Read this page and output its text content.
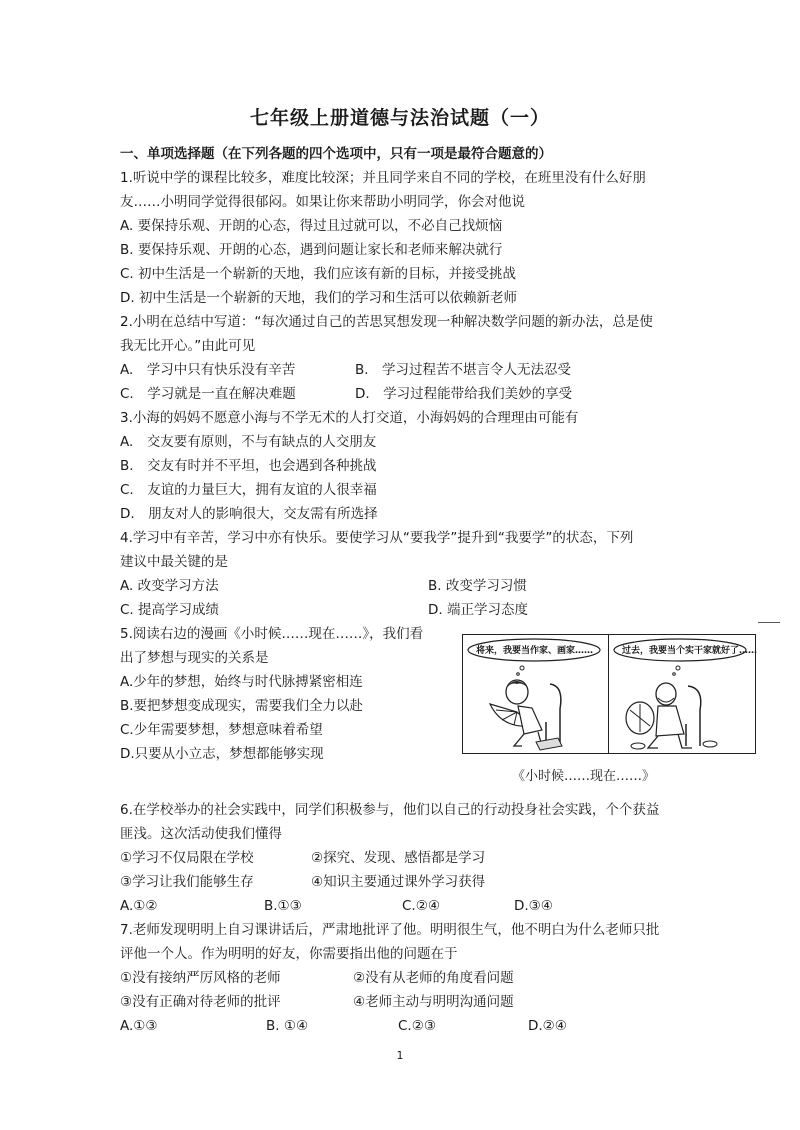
七年级上册道德与法治试题（一）
一、单项选择题（在下列各题的四个选项中，只有一项是最符合题意的）
1.听说中学的课程比较多，难度比较深；并且同学来自不同的学校，在班里没有什么好朋
友……小明同学觉得很郁闷。如果让你来帮助小明同学，你会对他说
A. 要保持乐观、开朗的心态，得过且过就可以，不必自己找烦恼
B. 要保持乐观、开朗的心态，遇到问题让家长和老师来解决就行
C. 初中生活是一个崭新的天地，我们应该有新的目标，并接受挑战
D. 初中生活是一个崭新的天地，我们的学习和生活可以依赖新老师
2.小明在总结中写道：“每次通过自己的苦思冥想发现一种解决数学问题的新办法，总是使
我无比开心。”由此可见
A.　学习中只有快乐没有辛苦	B.　学习过程苦不堪言令人无法忍受
C.　学习就是一直在解决难题	D.　学习过程能带给我们美妙的享受
3.小海的妈妈不愿意小海与不学无术的人打交道，小海妈妈的合理理由可能有
A.　交友要有原则，不与有缺点的人交朋友
B.　交友有时并不平坦，也会遇到各种挑战
C.　友谊的力量巨大，拥有友谊的人很幸福
D.　朋友对人的影响很大，交友需有所选择
4.学习中有辛苦，学习中亦有快乐。要使学习从“要我学”提升到“我要学”的状态，下列
建议中最关键的是
A. 改变学习方法	B. 改变学习习惯
C. 提高学习成绩	D. 端正学习态度
5.阅读右边的漫画《小时候……现在……》，我们看
出了梦想与现实的关系是
A.少年的梦想，始终与时代脉搏紧密相连
B.要把梦想变成现实，需要我们全力以赴
C.少年需要梦想，梦想意味着希望
D.只要从小立志，梦想都能够实现
将来，我要当作家、画家……	过去，我要当个实干家就好了……
《小时候……现在……》
6.在学校举办的社会实践中，同学们积极参与，他们以自己的行动投身社会实践，个个获益
匪浅。这次活动使我们懂得
①学习不仅局限在学校	②探究、发现、感悟都是学习
③学习让我们能够生存	④知识主要通过课外学习获得
A.①②	B.①③	C.②④	D.③④
7.老师发现明明上自习课讲话后，严肃地批评了他。明明很生气，他不明白为什么老师只批
评他一个人。作为明明的好友，你需要指出他的问题在于
①没有接纳严厉风格的老师	②没有从老师的角度看问题
③没有正确对待老师的批评	④老师主动与明明沟通问题
A.①③	B. ①④	C.②③	D.②④
1
